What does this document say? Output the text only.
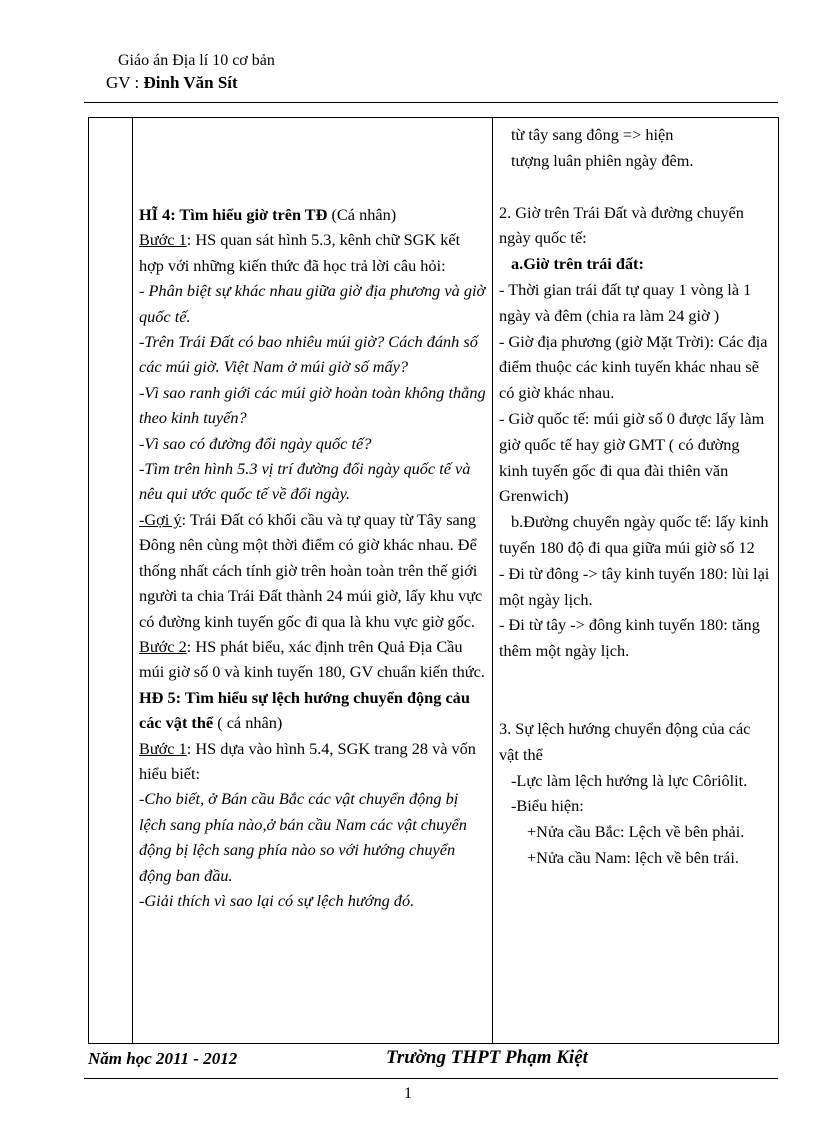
Giáo án Địa lí 10 cơ bản
GV : Đinh Văn Sít

HĨ 4: Tìm hiểu giờ trên TĐ (Cá nhân)

Bước 1: HS quan sát hình 5.3, kênh chữ SGK kết hợp với những kiến thức đã học trả lời câu hỏi:

- Phân biệt sự khác nhau giữa giờ địa phương và giờ quốc tế.

-Trên Trái Đất có bao nhiêu múi giờ? Cách đánh số các múi giờ. Việt Nam ở múi giờ số mấy?

-Vì sao ranh giới các múi giờ hoàn toàn không thẳng theo kinh tuyến?

-Vì sao có đường đổi ngày quốc tế?

-Tìm trên hình 5.3 vị trí đường đổi ngày quốc tế và nêu qui ước quốc tế về đổi ngày.

-Gợi ý: Trái Đất có khối cầu và tự quay từ Tây sang Đông nên cùng một thời điểm có giờ khác nhau. Để thống nhất cách tính giờ trên hoàn toàn trên thế giới người ta chia Trái Đất thành 24 múi giờ, lấy khu vực có đường kinh tuyến gốc đi qua là khu vực giờ gốc.

Bước 2: HS phát biểu, xác định trên Quả Địa Cầu múi giờ số 0 và kinh tuyến 180, GV chuẩn kiến thức.

HĐ 5: Tìm hiểu sự lệch hướng chuyển động cảu các vật thể ( cá nhân)

Bước 1: HS dựa vào hình 5.4, SGK trang 28 và vốn hiểu biết:

-Cho biết, ở Bán cầu Bắc các vật chuyển động bị lệch sang phía nào,ở bán cầu Nam các vật chuyển động bị lệch sang phía nào so với hướng chuyển động ban đầu.

-Giải thích vì sao lại có sự lệch hướng đó.

từ tây sang đông => hiện

tượng luân phiên ngày đêm.

2. Giờ trên Trái Đất và đường chuyển ngày quốc tế:

a.Giờ trên trái đất:

- Thời gian trái đất tự quay 1 vòng là 1 ngày và đêm (chia ra làm 24 giờ )

- Giờ địa phương (giờ Mặt Trời): Các địa điểm thuộc các kinh tuyến khác nhau sẽ có giờ khác nhau.

- Giờ quốc tế: múi giờ số 0 được lấy làm giờ quốc tế hay giờ GMT ( có đường kinh tuyến gốc đi qua đài thiên văn Grenwich)

b.Đường chuyển ngày quốc tế: lấy kinh tuyến 180 độ đi qua giữa múi giờ số 12

- Đi từ đông -> tây kinh tuyến 180: lùi lại một ngày lịch.

- Đi từ tây -> đông kinh tuyến 180: tăng thêm một ngày lịch.

3. Sự lệch hướng chuyển động của các vật thể

-Lực làm lệch hướng là lực Côriôlit.

-Biểu hiện:

+Nửa cầu Bắc: Lệch về bên phải.

+Nửa cầu Nam: lệch về bên trái.

Năm học 2011 - 2012	Trường THPT Phạm Kiệt
1
